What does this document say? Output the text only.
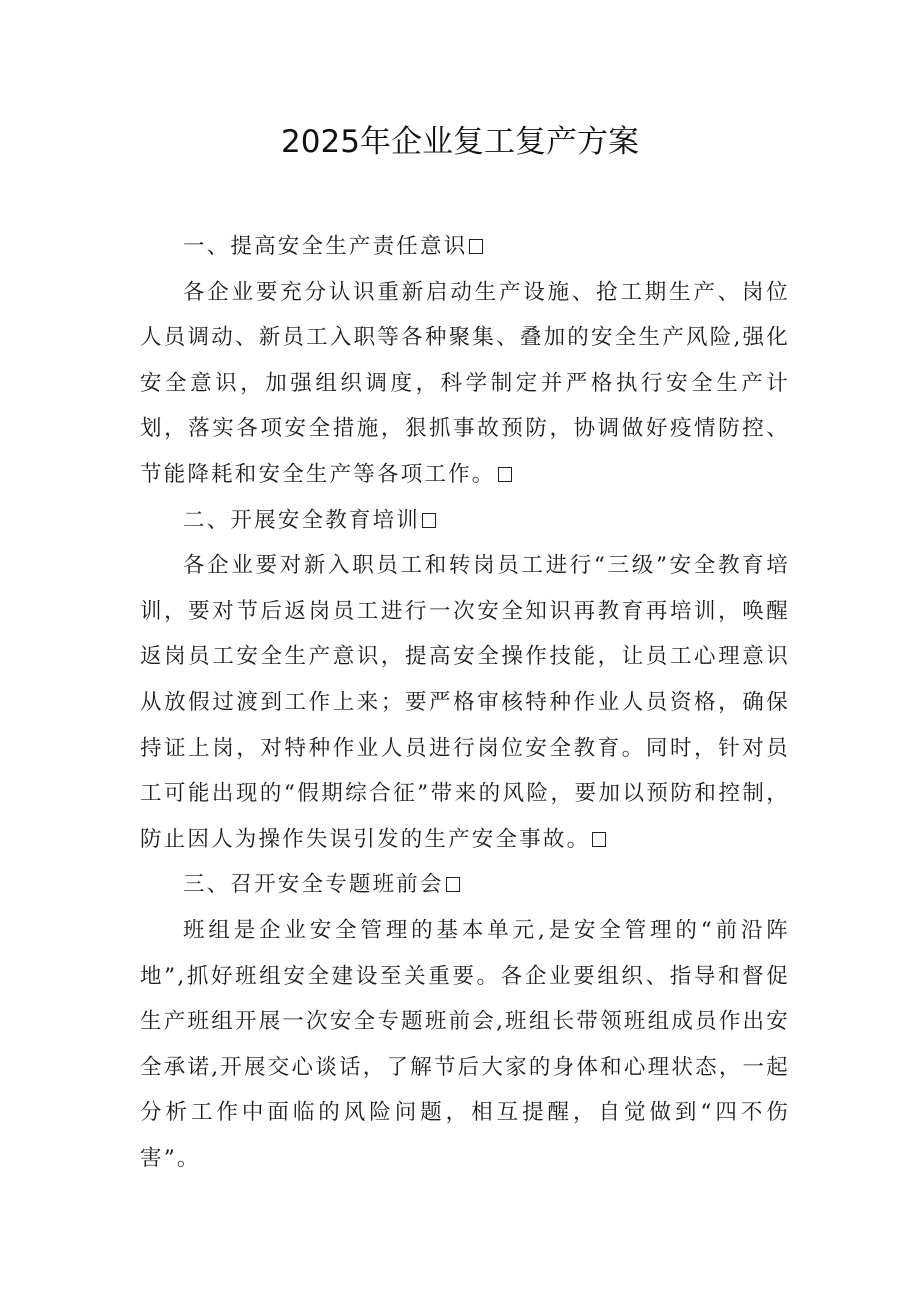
2025年企业复工复产方案

一、提高安全生产责任意识

各企业要充分认识重新启动生产设施、抢工期生产、岗位人员调动、新员工入职等各种聚集、叠加的安全生产风险,强化安全意识，加强组织调度，科学制定并严格执行安全生产计划，落实各项安全措施，狠抓事故预防，协调做好疫情防控、节能降耗和安全生产等各项工作。

二、开展安全教育培训

各企业要对新入职员工和转岗员工进行“三级”安全教育培训，要对节后返岗员工进行一次安全知识再教育再培训，唤醒返岗员工安全生产意识，提高安全操作技能，让员工心理意识从放假过渡到工作上来；要严格审核特种作业人员资格，确保持证上岗，对特种作业人员进行岗位安全教育。同时，针对员工可能出现的“假期综合征”带来的风险，要加以预防和控制，防止因人为操作失误引发的生产安全事故。

三、召开安全专题班前会

班组是企业安全管理的基本单元,是安全管理的“前沿阵地”,抓好班组安全建设至关重要。各企业要组织、指导和督促生产班组开展一次安全专题班前会,班组长带领班组成员作出安全承诺,开展交心谈话，了解节后大家的身体和心理状态，一起分析工作中面临的风险问题，相互提醒，自觉做到“四不伤害”。
